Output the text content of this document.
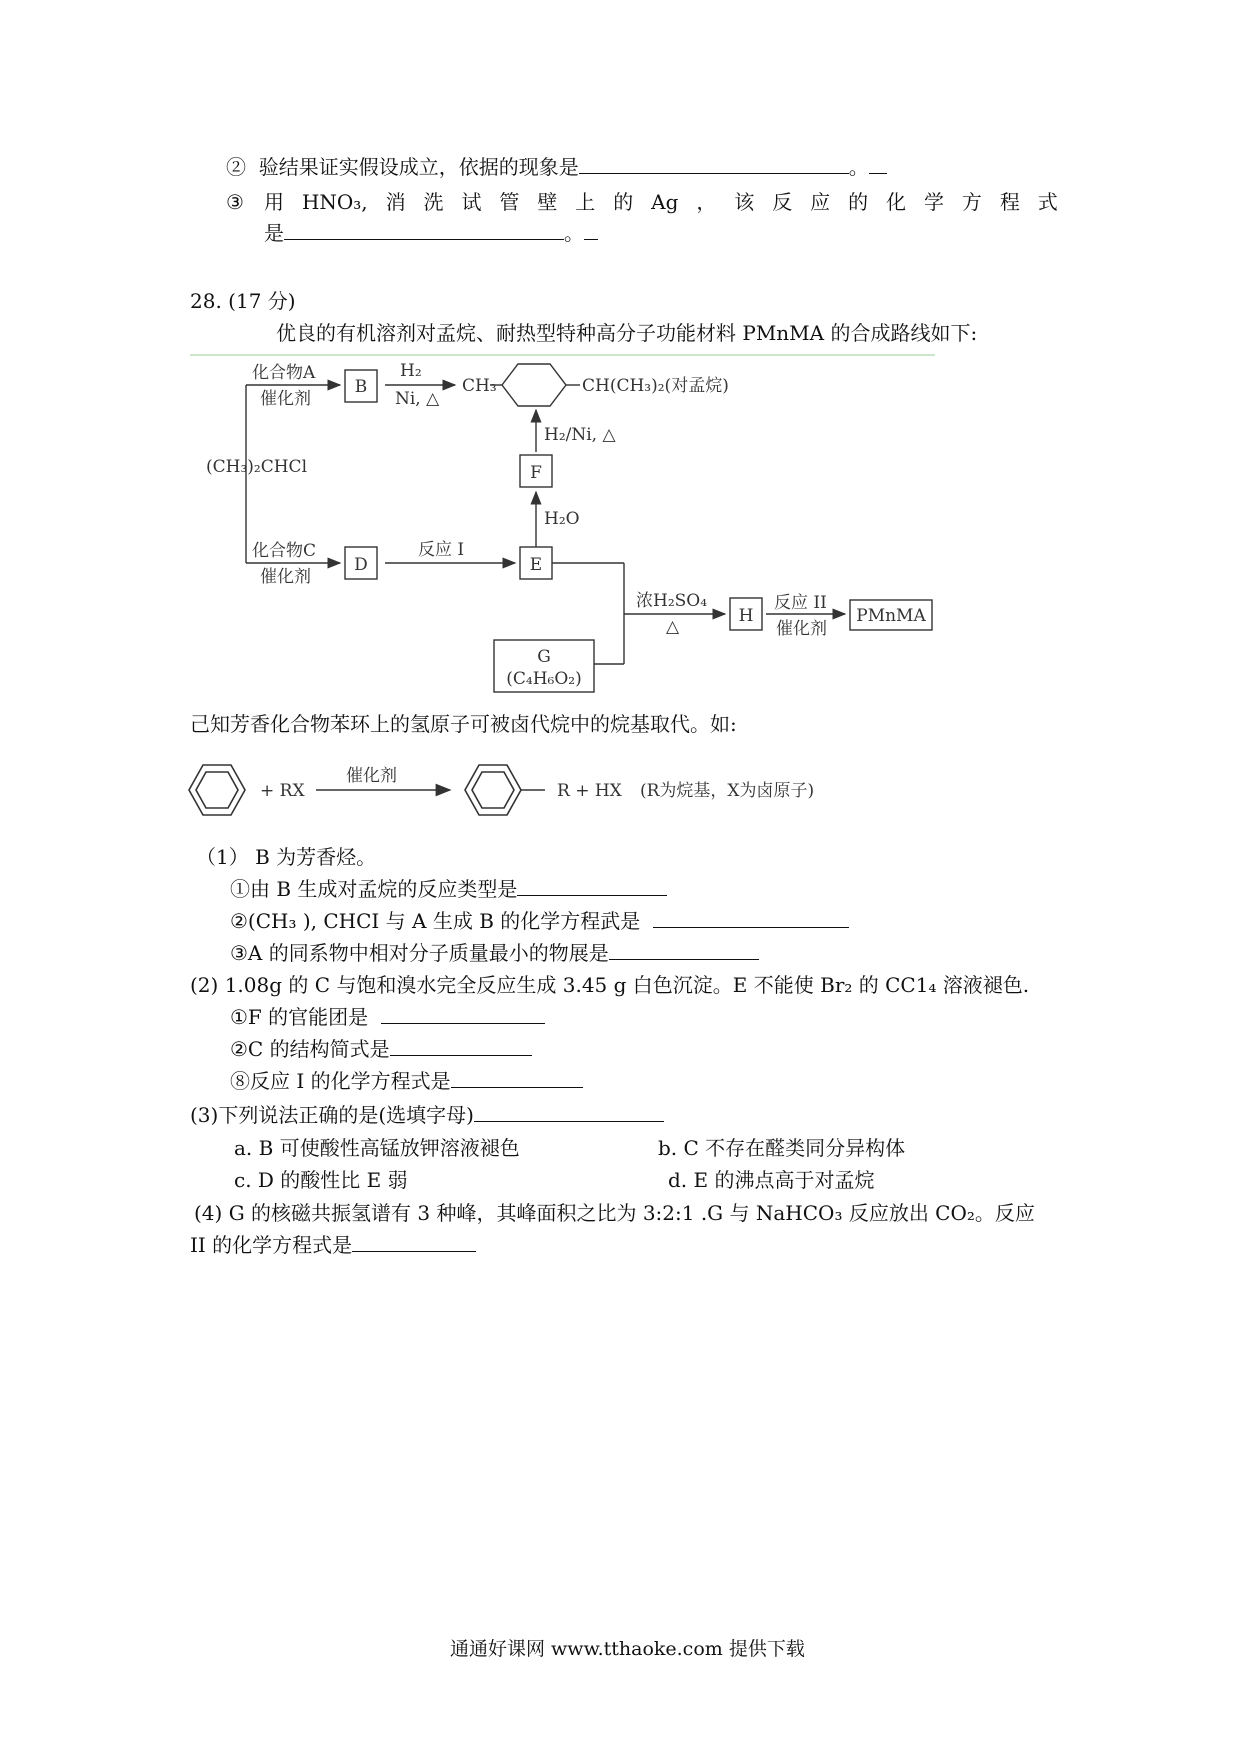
② 验结果证实假设成立，依据的现象是	。
③ 用 HNO₃, 消 洗 试 管 壁 上 的 Ag ， 该 反 应 的 化 学 方 程 式
是	。
28. (17 分)
优良的有机溶剂对孟烷、耐热型特种高分子功能材料 PMnMA 的合成路线如下:
化合物A
催化剂
B
H₂
Ni, △
CH₃	CH(CH₃)₂(对孟烷)
H₂/Ni, △
F
H₂O
(CH₃)₂CHCl
化合物C
催化剂
D
反应 I
E
浓H₂SO₄
△
H
反应 II
催化剂
PMnMA
G
(C₄H₆O₂)
己知芳香化合物苯环上的氢原子可被卤代烷中的烷基取代。如:
+ RX
催化剂
R + HX (R为烷基，X为卤原子)
（1） B 为芳香烃。
①由 B 生成对孟烷的反应类型是
②(CH₃ ), CHCI 与 A 生成 B 的化学方程武是
③A 的同系物中相对分子质量最小的物展是
(2) 1.08g 的 C 与饱和溴水完全反应生成 3.45 g 白色沉淀。E 不能使 Br₂ 的 CC1₄ 溶液褪色.
①F 的官能团是
②C 的结构简式是
⑧反应 I 的化学方程式是
(3)下列说法正确的是(选填字母)
a. B 可使酸性高锰放钾溶液褪色	b. C 不存在醛类同分异构体
c. D 的酸性比 E 弱	d. E 的沸点高于对孟烷
(4) G 的核磁共振氢谱有 3 种峰，其峰面积之比为 3:2:1 .G 与 NaHCO₃ 反应放出 CO₂。反应
II 的化学方程式是
通通好课网 www.tthaoke.com 提供下载
